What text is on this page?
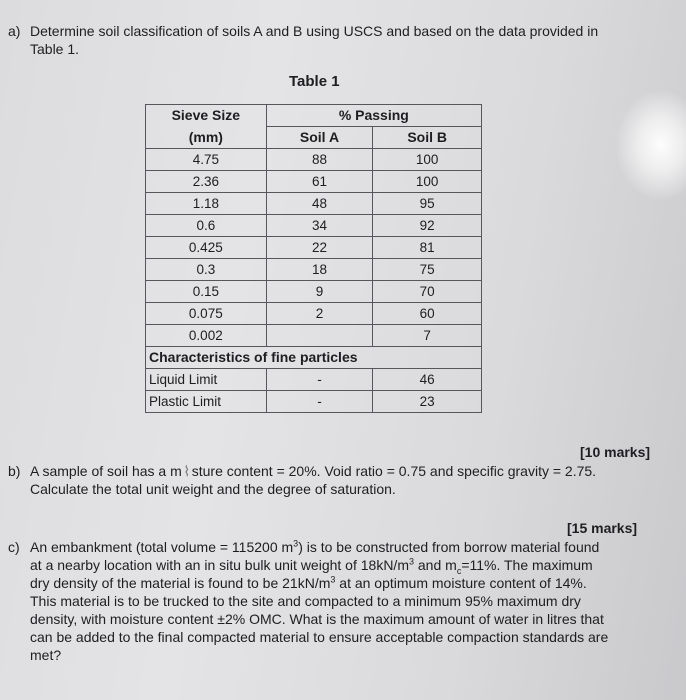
a) Determine soil classification of soils A and B using USCS and based on the data provided in
Table 1.
Table 1
Sieve Size	% Passing	
(mm)	Soil A	Soil B
4.75	88	100
2.36	61	100
1.18	48	95
0.6	34	92
0.425	22	81
0.3	18	75
0.15	9	70
0.075	2	60
0.002		7
Characteristics of fine particles		
Liquid Limit	-	46
Plastic Limit	-	23
[10 marks]
b) A sample of soil has a m ⌇ sture content = 20%. Void ratio = 0.75 and specific gravity = 2.75.
Calculate the total unit weight and the degree of saturation.
[15 marks]
c) An embankment (total volume = 115200 $m^3$) is to be constructed from borrow material found
at a nearby location with an in situ bulk unit weight of $18kN/m^3$ and $m_c=11\%$. The maximum
dry density of the material is found to be $21kN/m^3$ at an optimum moisture content of 14%.
This material is to be trucked to the site and compacted to a minimum 95% maximum dry
density, with moisture content ±2% OMC. What is the maximum amount of water in litres that
can be added to the final compacted material to ensure acceptable compaction standards are
met?
